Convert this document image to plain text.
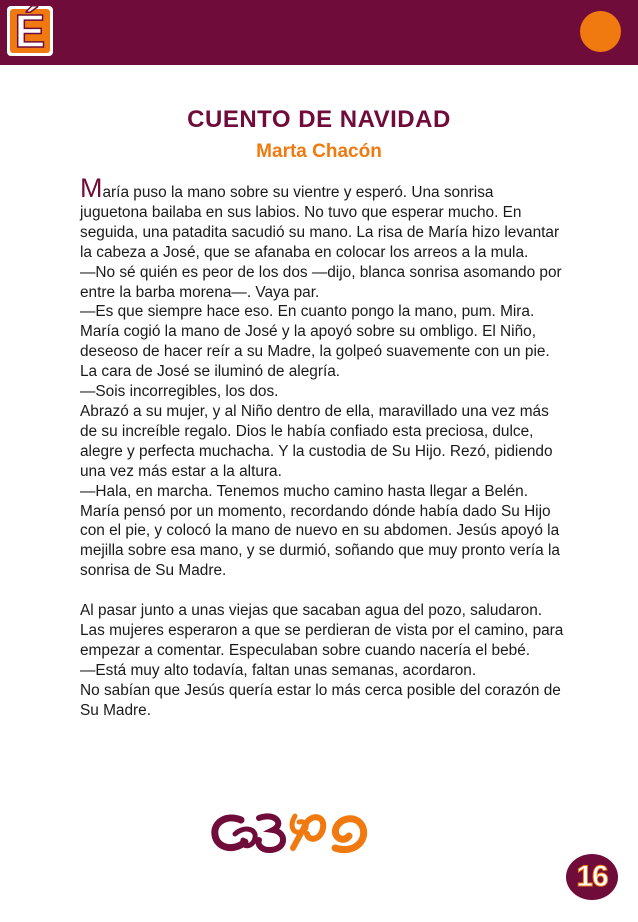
É
CUENTO DE NAVIDAD
Marta Chacón

María puso la mano sobre su vientre y esperó. Una sonrisa

juguetona bailaba en sus labios. No tuvo que esperar mucho. En seguida, una patadita sacudió su mano. La risa de María hizo levantar la cabeza a José, que se afanaba en colocar los arreos a la mula.

—No sé quién es peor de los dos —dijo, blanca sonrisa asomando por entre la barba morena—. Vaya par.

—Es que siempre hace eso. En cuanto pongo la mano, pum. Mira.

María cogió la mano de José y la apoyó sobre su ombligo. El Niño, deseoso de hacer reír a su Madre, la golpeó suavemente con un pie. La cara de José se iluminó de alegría.

—Sois incorregibles, los dos.

Abrazó a su mujer, y al Niño dentro de ella, maravillado una vez más de su increíble regalo. Dios le había confiado esta preciosa, dulce, alegre y perfecta muchacha. Y la custodia de Su Hijo. Rezó, pidiendo una vez más estar a la altura.

—Hala, en marcha. Tenemos mucho camino hasta llegar a Belén.

María pensó por un momento, recordando dónde había dado Su Hijo con el pie, y colocó la mano de nuevo en su abdomen. Jesús apoyó la mejilla sobre esa mano, y se durmió, soñando que muy pronto vería la sonrisa de Su Madre.

Al pasar junto a unas viejas que sacaban agua del pozo, saludaron. Las mujeres esperaron a que se perdieran de vista por el camino, para empezar a comentar. Especulaban sobre cuando nacería el bebé.

—Está muy alto todavía, faltan unas semanas, acordaron.

No sabían que Jesús quería estar lo más cerca posible del corazón de Su Madre.

16
